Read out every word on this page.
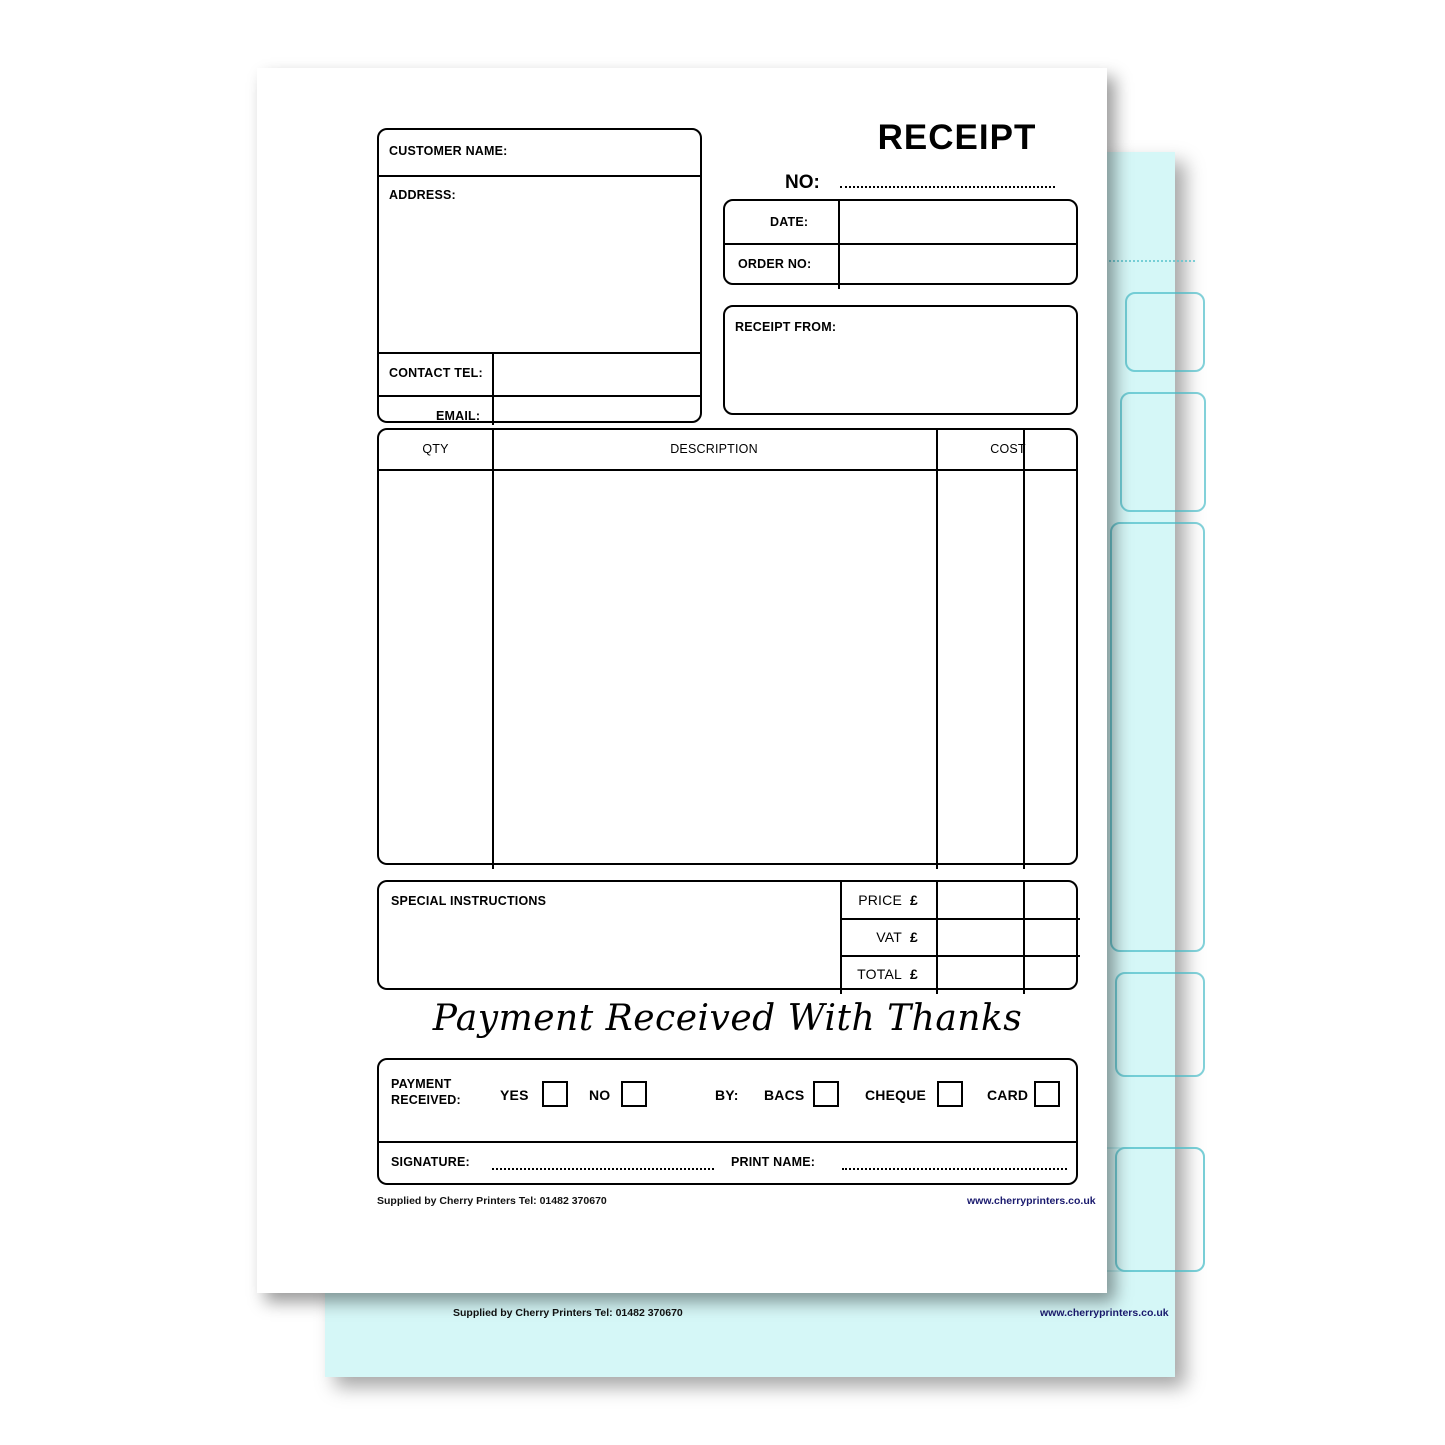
Supplied by Cherry Printers Tel: 01482 370670	www.cherryprinters.co.uk
CUSTOMER NAME:
ADDRESS:
CONTACT TEL:
EMAIL:
RECEIPT
NO:
DATE:
ORDER NO:
RECEIPT FROM:
QTY	DESCRIPTION	COST
SPECIAL INSTRUCTIONS	PRICE £
VAT £
TOTAL £
Payment Received With Thanks
PAYMENT
RECEIVED:	YES	NO	BY: BACS	CHEQUE	CARD
SIGNATURE:	PRINT NAME:
Supplied by Cherry Printers Tel: 01482 370670	www.cherryprinters.co.uk
